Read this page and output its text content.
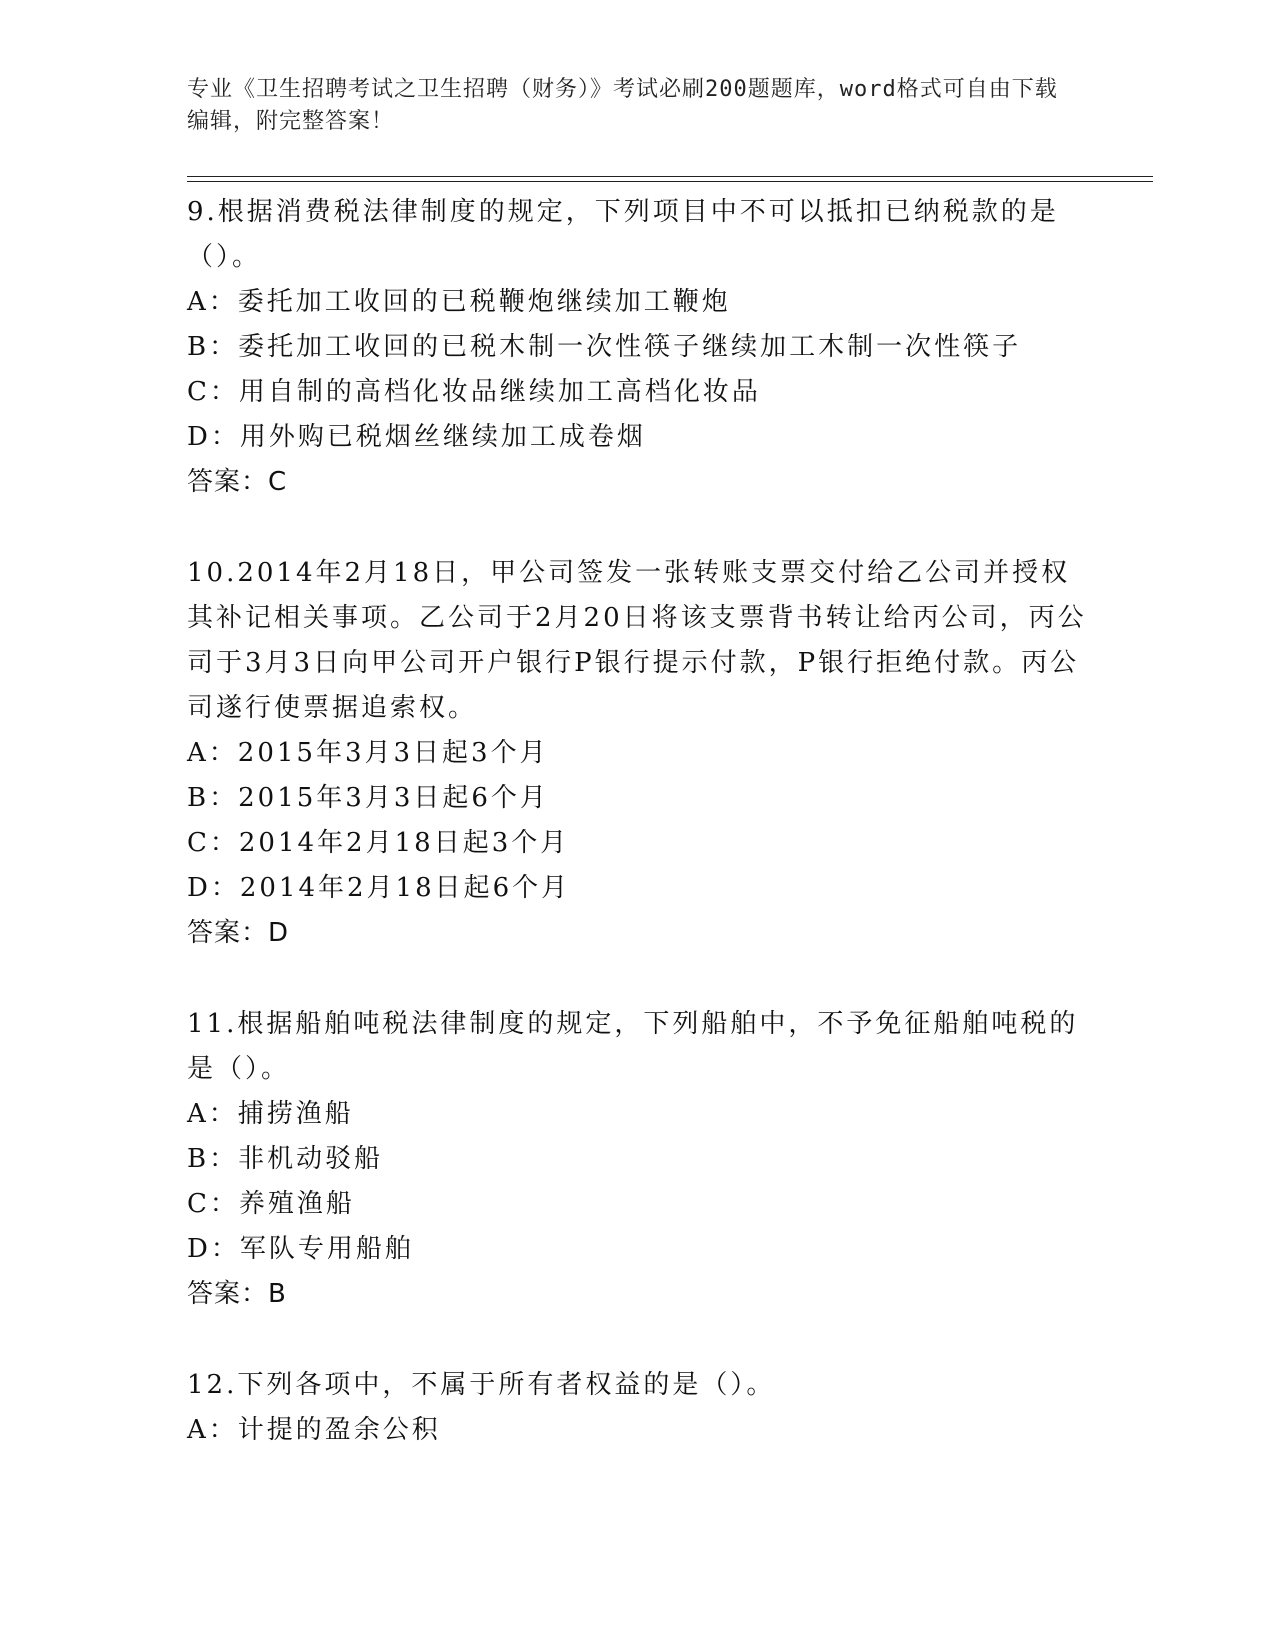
专业《卫生招聘考试之卫生招聘（财务）》考试必刷200题题库，word格式可自由下载编辑，附完整答案！

9.根据消费税法律制度的规定，下列项目中不可以抵扣已纳税款的是（）。

A：委托加工收回的已税鞭炮继续加工鞭炮

B：委托加工收回的已税木制一次性筷子继续加工木制一次性筷子

C：用自制的高档化妆品继续加工高档化妆品

D：用外购已税烟丝继续加工成卷烟

答案：C

10.2014年2月18日，甲公司签发一张转账支票交付给乙公司并授权其补记相关事项。乙公司于2月20日将该支票背书转让给丙公司，丙公司于3月3日向甲公司开户银行P银行提示付款，P银行拒绝付款。丙公司遂行使票据追索权。

A：2015年3月3日起3个月

B：2015年3月3日起6个月

C：2014年2月18日起3个月

D：2014年2月18日起6个月

答案：D

11.根据船舶吨税法律制度的规定，下列船舶中，不予免征船舶吨税的是（）。

A：捕捞渔船

B：非机动驳船

C：养殖渔船

D：军队专用船舶

答案：B

12.下列各项中，不属于所有者权益的是（）。

A：计提的盈余公积
